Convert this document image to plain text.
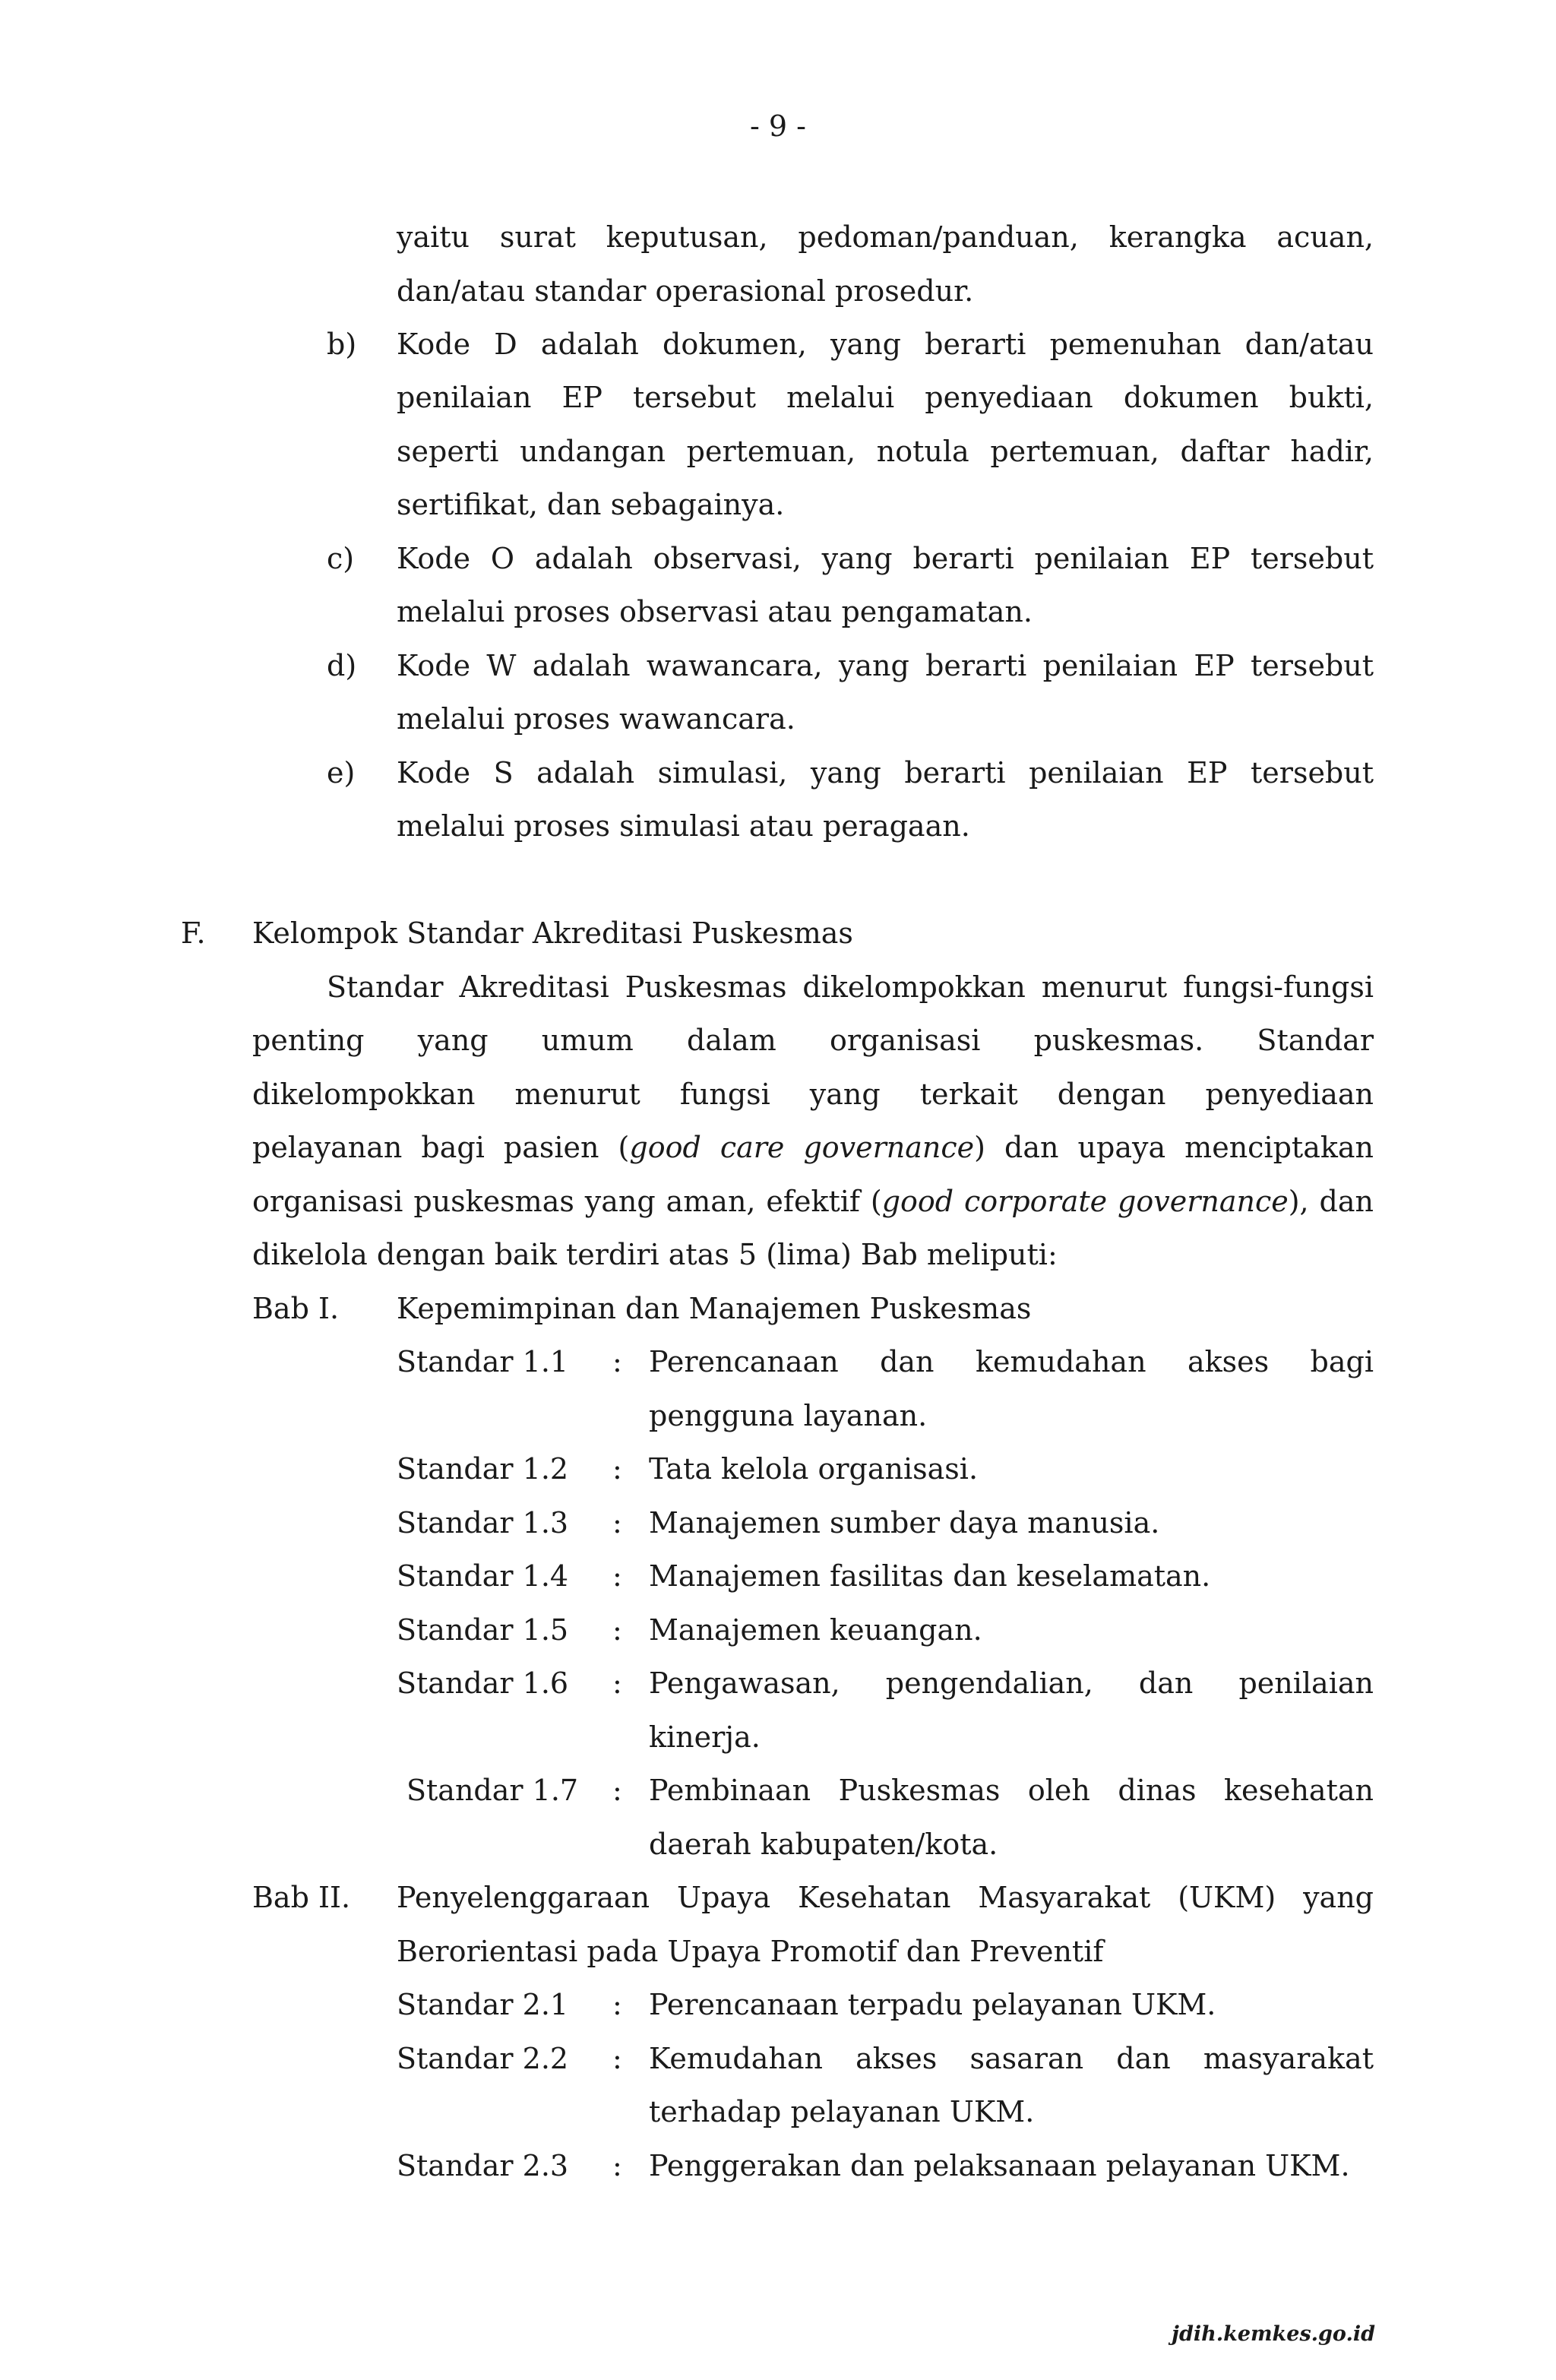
- 9 -
yaitu surat keputusan, pedoman/panduan, kerangka acuan,
dan/atau standar operasional prosedur.
b) Kode D adalah dokumen, yang berarti pemenuhan dan/atau
penilaian EP tersebut melalui penyediaan dokumen bukti,
seperti undangan pertemuan, notula pertemuan, daftar hadir,
sertifikat, dan sebagainya.
c) Kode O adalah observasi, yang berarti penilaian EP tersebut
melalui proses observasi atau pengamatan.
d) Kode W adalah wawancara, yang berarti penilaian EP tersebut
melalui proses wawancara.
e) Kode S adalah simulasi, yang berarti penilaian EP tersebut
melalui proses simulasi atau peragaan.
F. Kelompok Standar Akreditasi Puskesmas
Standar Akreditasi Puskesmas dikelompokkan menurut fungsi-fungsi
penting yang umum dalam organisasi puskesmas. Standar
dikelompokkan menurut fungsi yang terkait dengan penyediaan
pelayanan bagi pasien (good care governance) dan upaya menciptakan
organisasi puskesmas yang aman, efektif (good corporate governance), dan
dikelola dengan baik terdiri atas 5 (lima) Bab meliputi:
Bab I. Kepemimpinan dan Manajemen Puskesmas
Standar 1.1 : Perencanaan dan kemudahan akses bagi
pengguna layanan.
Standar 1.2 : Tata kelola organisasi.
Standar 1.3 : Manajemen sumber daya manusia.
Standar 1.4 : Manajemen fasilitas dan keselamatan.
Standar 1.5 : Manajemen keuangan.
Standar 1.6 : Pengawasan, pengendalian, dan penilaian
kinerja.
Standar 1.7 : Pembinaan Puskesmas oleh dinas kesehatan
daerah kabupaten/kota.
Bab II. Penyelenggaraan Upaya Kesehatan Masyarakat (UKM) yang
Berorientasi pada Upaya Promotif dan Preventif
Standar 2.1 : Perencanaan terpadu pelayanan UKM.
Standar 2.2 : Kemudahan akses sasaran dan masyarakat
terhadap pelayanan UKM.
Standar 2.3 : Penggerakan dan pelaksanaan pelayanan UKM.
jdih.kemkes.go.id
